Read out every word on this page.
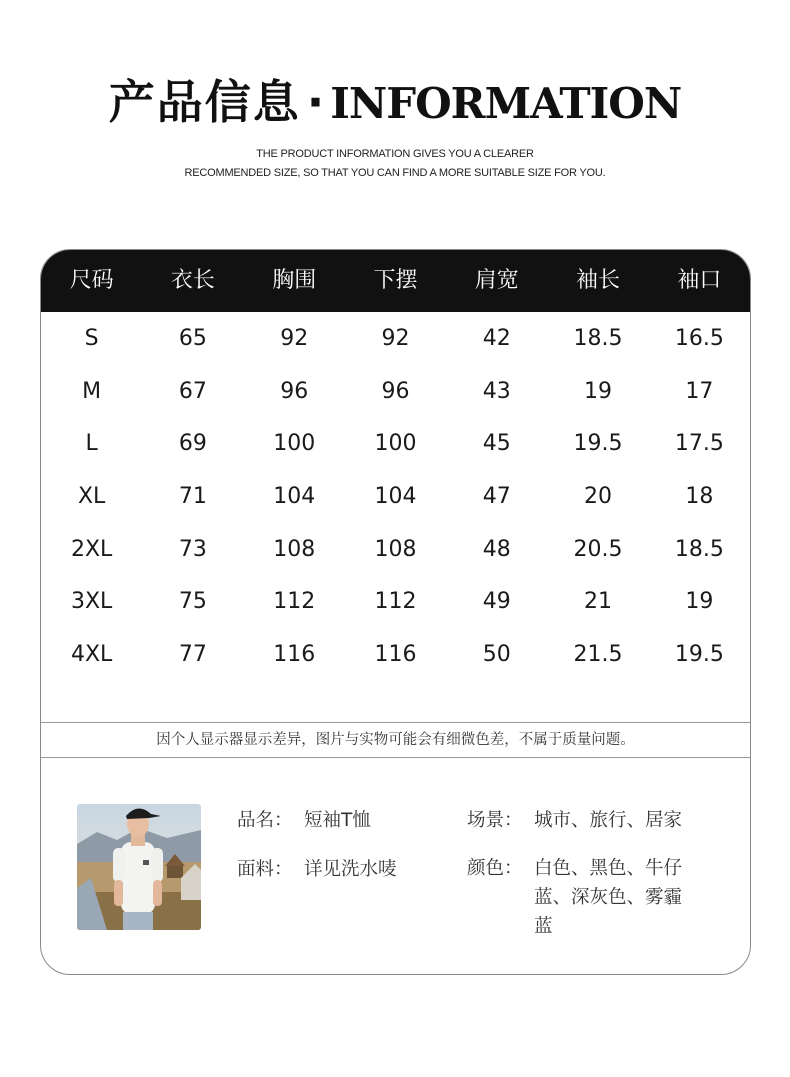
产品信息 · INFORMATION
THE PRODUCT INFORMATION GIVES YOU A CLEARER
RECOMMENDED SIZE, SO THAT YOU CAN FIND A MORE SUITABLE SIZE FOR YOU.
尺码	衣长	胸围	下摆	肩宽	袖长	袖口
S	65	92	92	42	18.5	16.5
M	67	96	96	43	19	17
L	69	100	100	45	19.5	17.5
XL	71	104	104	47	20	18
2XL	73	108	108	48	20.5	18.5
3XL	75	112	112	49	21	19
4XL	77	116	116	50	21.5	19.5
因个人显示器显示差异，图片与实物可能会有细微色差，不属于质量问题。
品名： 短袖T恤
面料： 详见洗水唛
场景： 城市、旅行、居家
颜色： 白色、黑色、牛仔
蓝、深灰色、雾霾
蓝
